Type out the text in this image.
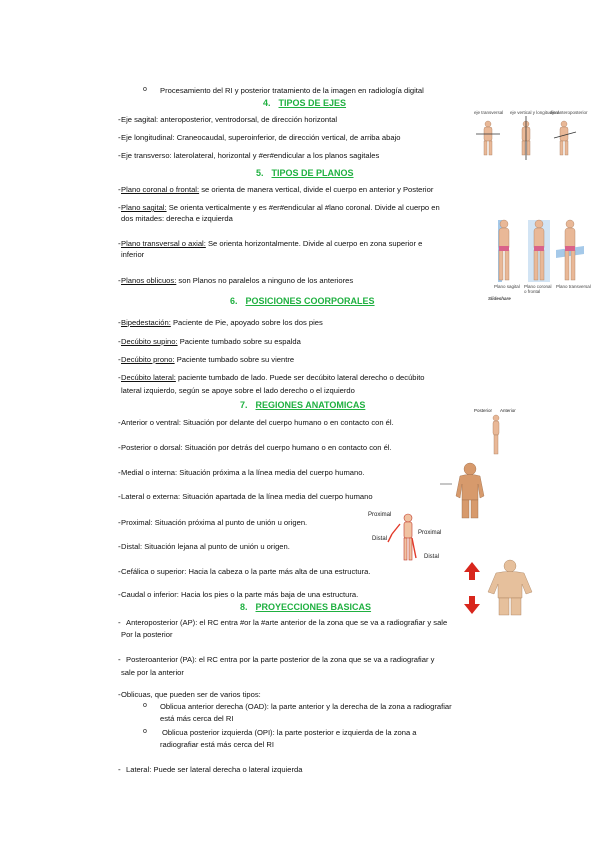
o Procesamiento del RI y posterior tratamiento de la imagen en radiología digital
4. TIPOS DE EJES
- Eje sagital: anteroposterior, ventrodorsal, de dirección horizontal
- Eje longitudinal: Craneocaudal, superoinferior, de dirección vertical, de arriba abajo
- Eje transverso: laterolateral, horizontal y #er#endicular a los planos sagitales
eje transversal eje vertical y longitudinal
eje anteroposterior
5. TIPOS DE PLANOS
- Plano coronal o frontal: se orienta de manera vertical, divide el cuerpo en anterior y Posterior
- Plano sagital: Se orienta verticalmente y es #er#endicular al #lano coronal. Divide al cuerpo en
dos mitades: derecha e izquierda
- Plano transversal o axial: Se orienta horizontalmente. Divide al cuerpo en zona superior e
inferior
- Planos oblicuos: son Planos no paralelos a ninguno de los anteriores
Plano sagital Plano coronal o frontal
Plano transversal
Slideshare
6. POSICIONES COORPORALES
- Bipedestación: Paciente de Pie, apoyado sobre los dos pies
- Decúbito supino: Paciente tumbado sobre su espalda
- Decúbito prono: Paciente tumbado sobre su vientre
- Decúbito lateral: paciente tumbado de lado. Puede ser decúbito lateral derecho o decúbito
lateral izquierdo, según se apoye sobre el lado derecho o el izquierdo
7. REGIONES ANATOMICAS
- Anterior o ventral: Situación por delante del cuerpo humano o en contacto con él.
- Posterior o dorsal: Situación por detrás del cuerpo humano o en contacto con él.
- Medial o interna: Situación próxima a la línea media del cuerpo humano.
- Lateral o externa: Situación apartada de la línea media del cuerpo humano
- Proximal: Situación próxima al punto de unión u origen.
- Distal: Situación lejana al punto de unión u origen.
- Cefálica o superior: Hacia la cabeza o la parte más alta de una estructura.
- Caudal o inferior: Hacia los pies o la parte más baja de una estructura.
Posterior Anterior
Proximal
Proximal
Distal
Distal
8. PROYECCIONES BASICAS
- Anteroposterior (AP): el RC entra #or la #arte anterior de la zona que se va a radiografiar y sale
Por la posterior
- Posteroanterior (PA): el RC entra por la parte posterior de la zona que se va a radiografiar y
sale por la anterior
- Oblicuas, que pueden ser de varios tipos:
o Oblicua anterior derecha (OAD): la parte anterior y la derecha de la zona a radiografiar
está más cerca del RI
o Oblicua posterior izquierda (OPI): la parte posterior e izquierda de la zona a
radiografiar está más cerca del RI
- Lateral: Puede ser lateral derecha o lateral izquierda
